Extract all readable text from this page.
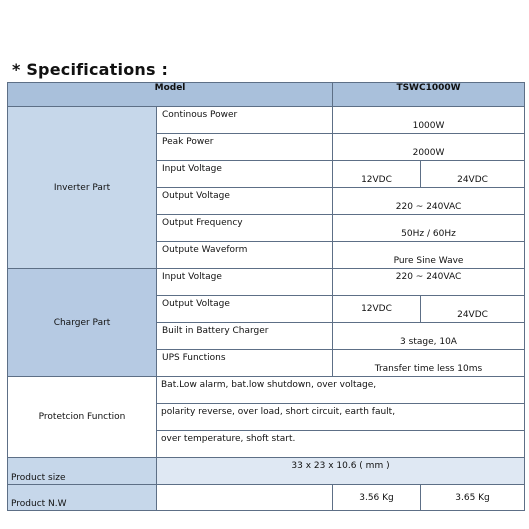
* Specifications :
Model		TSWC1000W	
Inverter Part	Continous Power	1000W	
	Peak Power	2000W	
	Input Voltage	12VDC	24VDC
	Output Voltage	220 ~ 240VAC	
	Output Frequency	50Hz / 60Hz	
	Outpute Waveform	Pure Sine Wave	
Charger Part	Input Voltage	220 ~ 240VAC	
	Output Voltage	12VDC	24VDC
	Built in Battery Charger	3 stage, 10A	
	UPS Functions	Transfer time less 10ms	
Protetcion Function	Bat.Low alarm, bat.low shutdown, over voltage,		
	polarity reverse, over load, short circuit, earth fault,		
	over temperature, shoft start.		
Product size	33 x 23 x 10.6 ( mm )		
Product N.W		3.56 Kg	3.65 Kg
